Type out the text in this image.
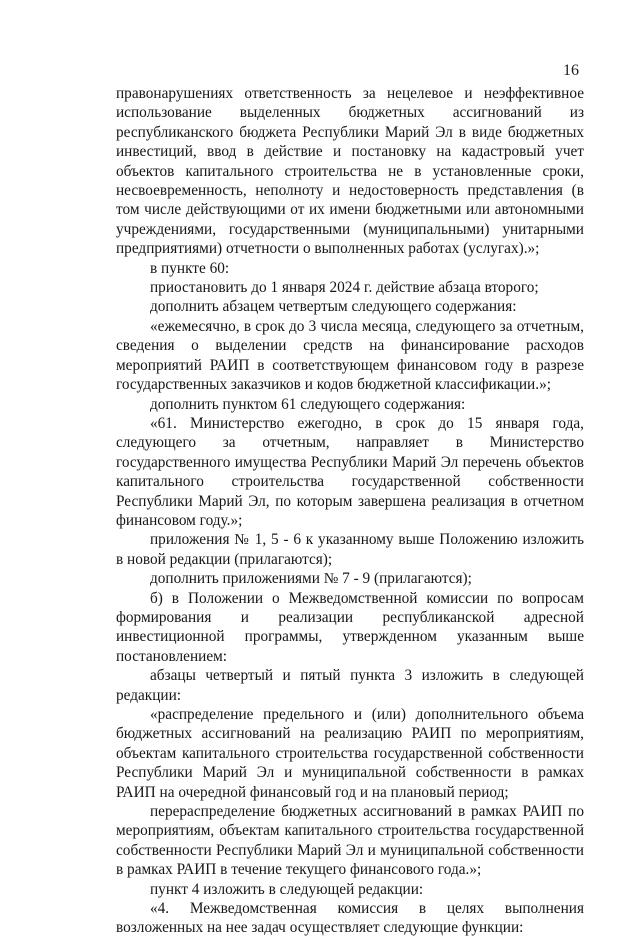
16

правонарушениях ответственность за нецелевое и неэффективное использование выделенных бюджетных ассигнований из республиканского бюджета Республики Марий Эл в виде бюджетных инвестиций, ввод в действие и постановку на кадастровый учет объектов капитального строительства не в установленные сроки, несвоевременность, неполноту и недостоверность представления (в том числе действующими от их имени бюджетными или автономными учреждениями, государственными (муниципальными) унитарными предприятиями) отчетности о выполненных работах (услугах).»;

в пункте 60:

приостановить до 1 января 2024 г. действие абзаца второго;

дополнить абзацем четвертым следующего содержания:

«ежемесячно, в срок до 3 числа месяца, следующего за отчетным, сведения о выделении средств на финансирование расходов мероприятий РАИП в соответствующем финансовом году в разрезе государственных заказчиков и кодов бюджетной классификации.»;

дополнить пунктом 61 следующего содержания:

«61. Министерство ежегодно, в срок до 15 января года, следующего за отчетным, направляет в Министерство государственного имущества Республики Марий Эл перечень объектов капитального строительства государственной собственности Республики Марий Эл, по которым завершена реализация в отчетном финансовом году.»;

приложения № 1, 5 - 6 к указанному выше Положению изложить в новой редакции (прилагаются);

дополнить приложениями № 7 - 9 (прилагаются);

б) в Положении о Межведомственной комиссии по вопросам формирования и реализации республиканской адресной инвестиционной программы, утвержденном указанным выше постановлением:

абзацы четвертый и пятый пункта 3 изложить в следующей редакции:

«распределение предельного и (или) дополнительного объема бюджетных ассигнований на реализацию РАИП по мероприятиям, объектам капитального строительства государственной собственности Республики Марий Эл и муниципальной собственности в рамках РАИП на очередной финансовый год и на плановый период;

перераспределение бюджетных ассигнований в рамках РАИП по мероприятиям, объектам капитального строительства государственной собственности Республики Марий Эл и муниципальной собственности в рамках РАИП в течение текущего финансового года.»;

пункт 4 изложить в следующей редакции:

«4. Межведомственная комиссия в целях выполнения возложенных на нее задач осуществляет следующие функции:
